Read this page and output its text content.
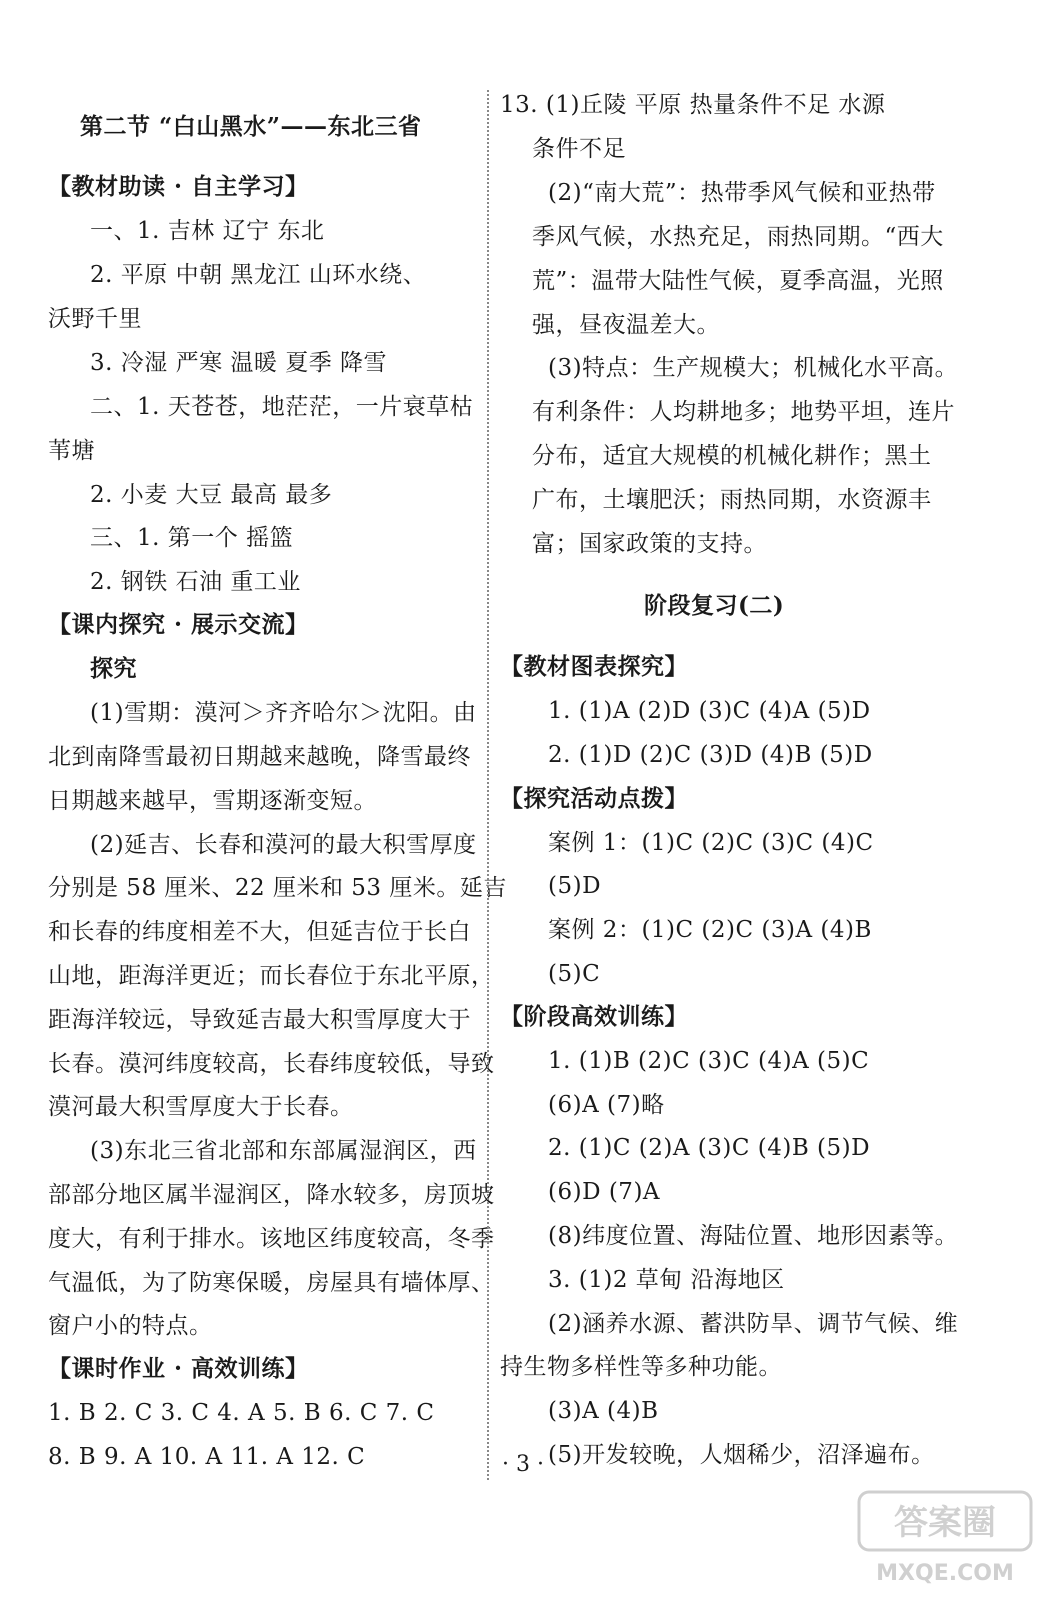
第二节 “白山黑水”——东北三省
【教材助读 · 自主学习】
一、1. 吉林 辽宁 东北
2. 平原 中朝 黑龙江 山环水绕、
沃野千里
3. 冷湿 严寒 温暖 夏季 降雪
二、1. 天苍苍，地茫茫，一片衰草枯
苇塘
2. 小麦 大豆 最高 最多
三、1. 第一个 摇篮
2. 钢铁 石油 重工业
【课内探究 · 展示交流】
探究
(1)雪期：漠河＞齐齐哈尔＞沈阳。由
北到南降雪最初日期越来越晚，降雪最终
日期越来越早，雪期逐渐变短。
(2)延吉、长春和漠河的最大积雪厚度
分别是 58 厘米、22 厘米和 53 厘米。延吉
和长春的纬度相差不大，但延吉位于长白
山地，距海洋更近；而长春位于东北平原，
距海洋较远，导致延吉最大积雪厚度大于
长春。漠河纬度较高，长春纬度较低，导致
漠河最大积雪厚度大于长春。
(3)东北三省北部和东部属湿润区，西
部部分地区属半湿润区，降水较多，房顶坡
度大，有利于排水。该地区纬度较高，冬季
气温低，为了防寒保暖，房屋具有墙体厚、
窗户小的特点。
【课时作业 · 高效训练】
1. B 2. C 3. C 4. A 5. B 6. C 7. C
8. B 9. A 10. A 11. A 12. C
13. (1)丘陵 平原 热量条件不足 水源
条件不足
(2)“南大荒”：热带季风气候和亚热带
季风气候，水热充足，雨热同期。“西大
荒”：温带大陆性气候，夏季高温，光照
强，昼夜温差大。
(3)特点：生产规模大；机械化水平高。
有利条件：人均耕地多；地势平坦，连片
分布，适宜大规模的机械化耕作；黑土
广布，土壤肥沃；雨热同期，水资源丰
富；国家政策的支持。
阶段复习(二)
【教材图表探究】
1. (1)A (2)D (3)C (4)A (5)D
2. (1)D (2)C (3)D (4)B (5)D
【探究活动点拨】
案例 1：(1)C (2)C (3)C (4)C
(5)D
案例 2：(1)C (2)C (3)A (4)B
(5)C
【阶段高效训练】
1. (1)B (2)C (3)C (4)A (5)C
(6)A (7)略
2. (1)C (2)A (3)C (4)B (5)D
(6)D (7)A
(8)纬度位置、海陆位置、地形因素等。
3. (1)2 草甸 沿海地区
(2)涵养水源、蓄洪防旱、调节气候、维
持生物多样性等多种功能。
(3)A (4)B
(5)开发较晚，人烟稀少，沼泽遍布。
· 3 ·
答案圈
MXQE.COM
